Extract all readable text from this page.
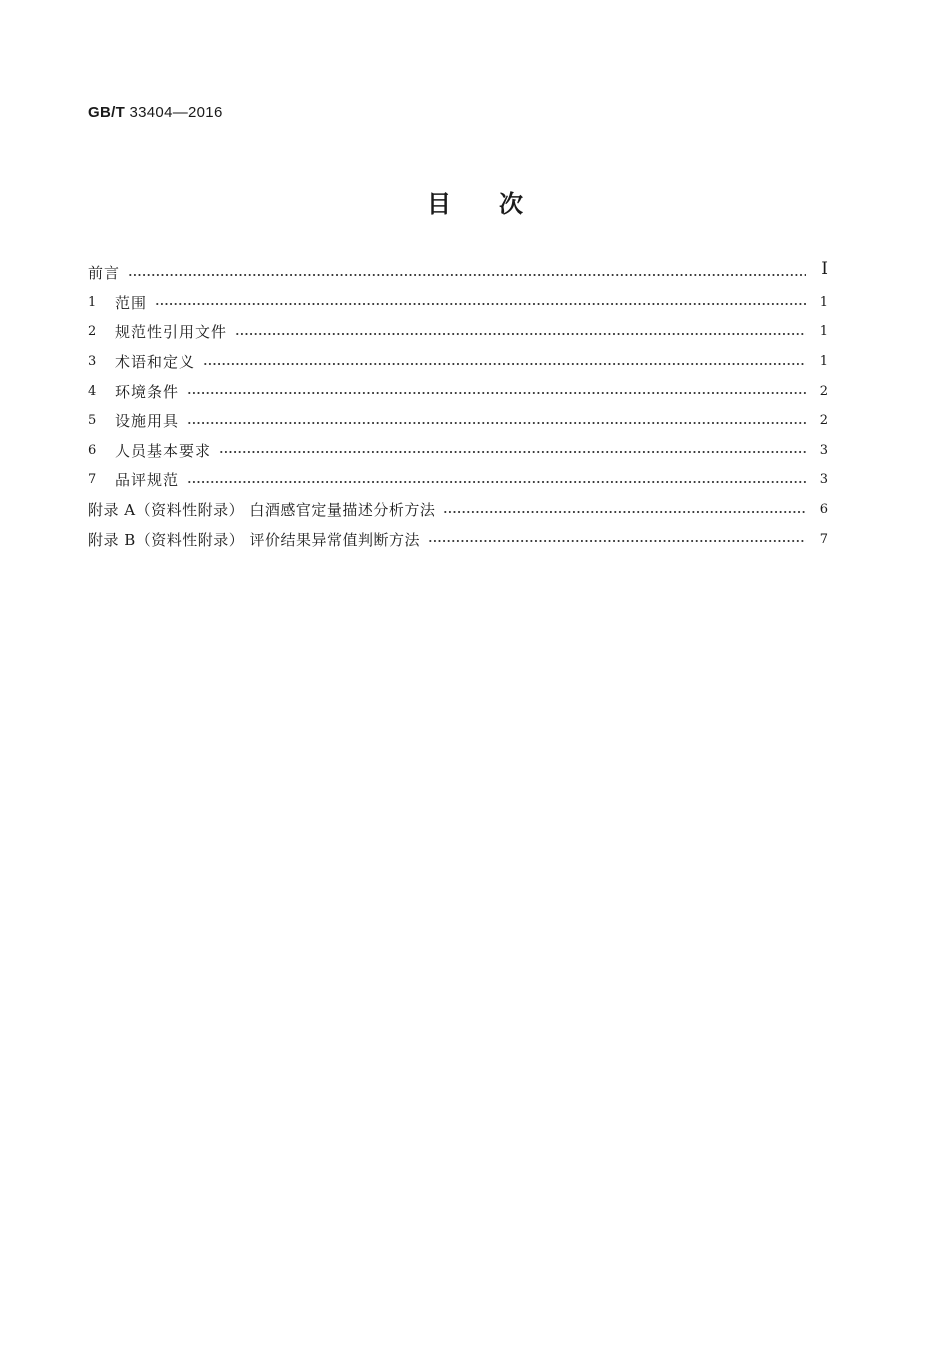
GB/T 33404—2016
目次
前言	I
1	范围	1
2	规范性引用文件	1
3	术语和定义	1
4	环境条件	2
5	设施用具	2
6	人员基本要求	3
7	品评规范	3
附录 A（资料性附录） 白酒感官定量描述分析方法	6
附录 B（资料性附录） 评价结果异常值判断方法	7
